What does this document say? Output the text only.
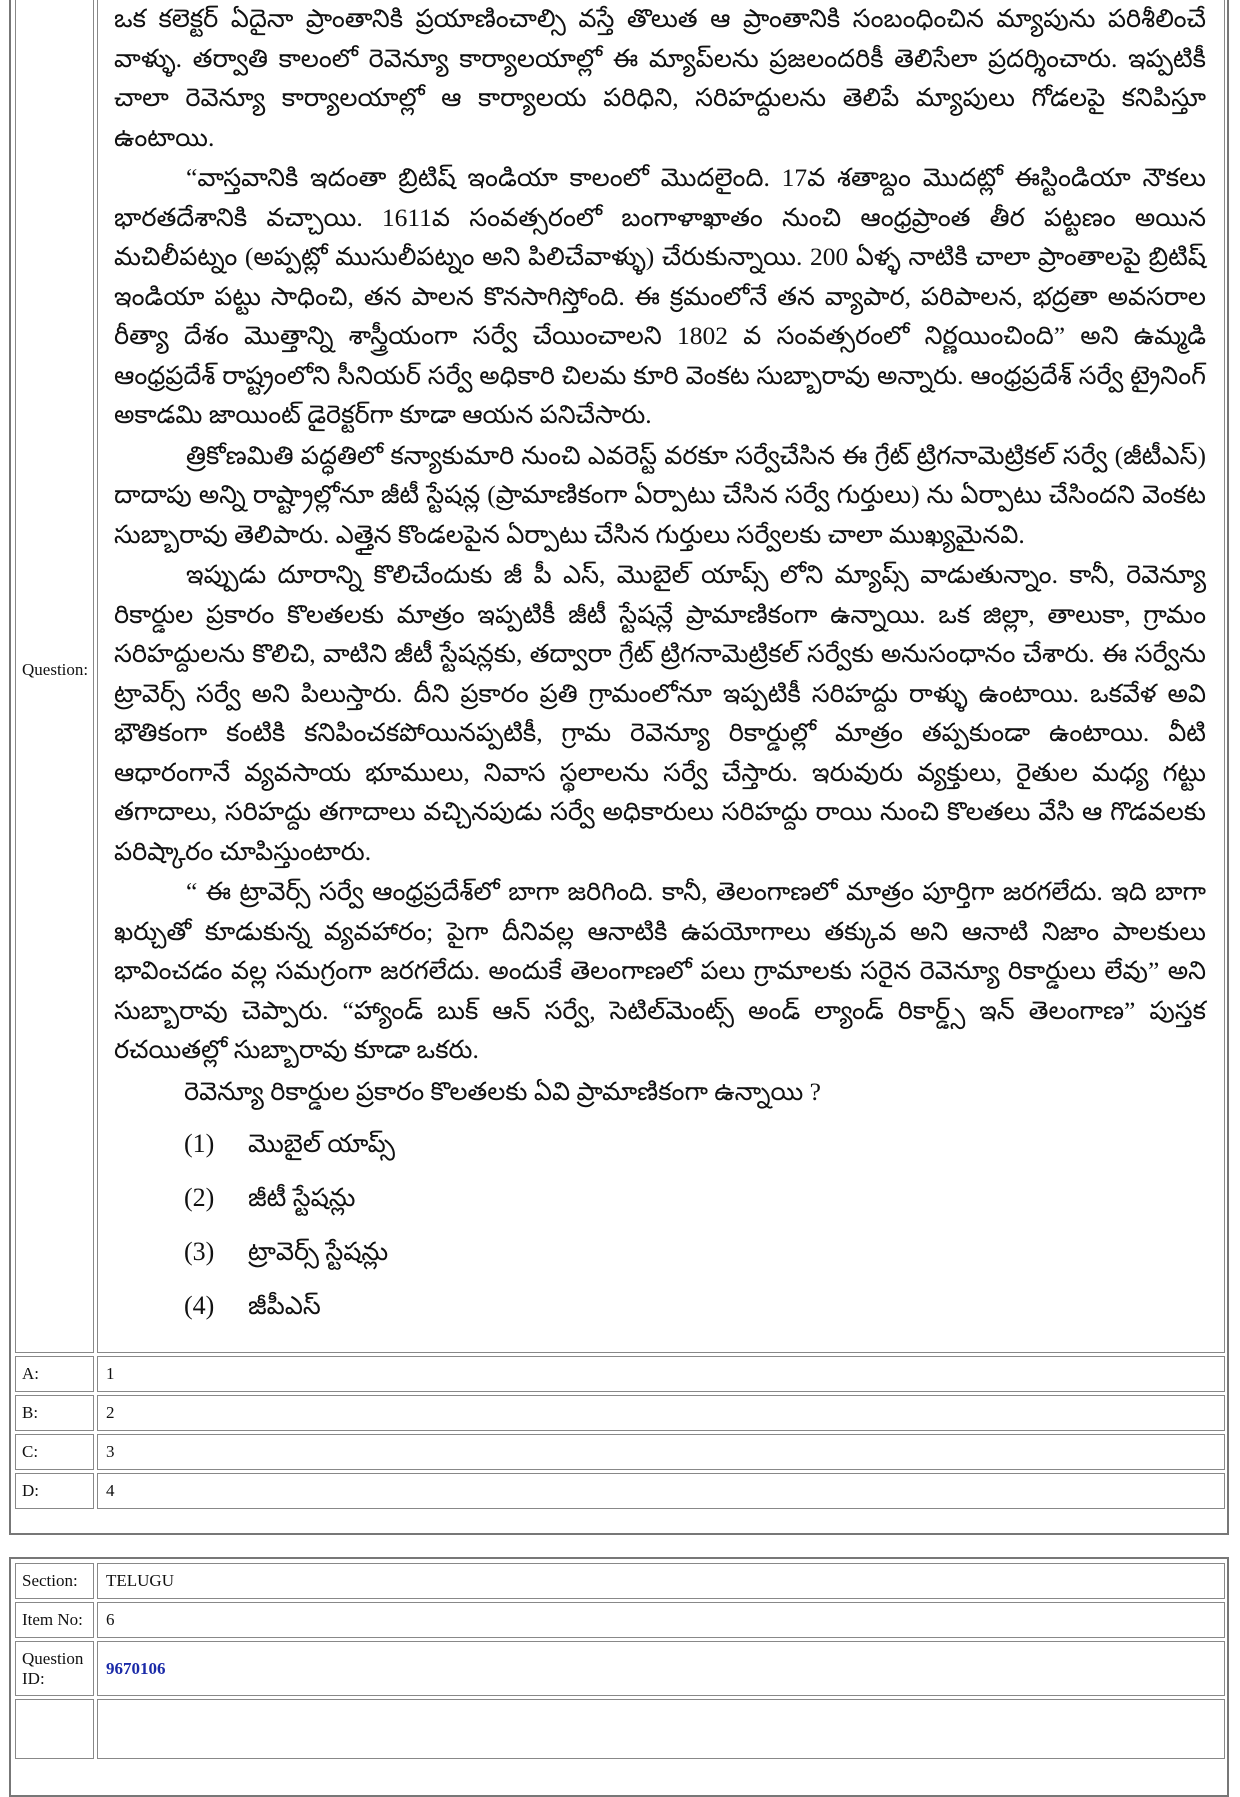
Question:

ఒక కలెక్టర్ ఏదైనా ప్రాంతానికి ప్రయాణించాల్సి వస్తే తొలుత ఆ ప్రాంతానికి సంబంధించిన మ్యాపును పరిశీలించే వాళ్ళు. తర్వాతి కాలంలో రెవెన్యూ కార్యాలయాల్లో ఈ మ్యాప్‌లను ప్రజలందరికీ తెలిసేలా ప్రదర్శించారు. ఇప్పటికీ చాలా రెవెన్యూ కార్యాలయాల్లో ఆ కార్యాలయ పరిధిని, సరిహద్దులను తెలిపే మ్యాపులు గోడలపై కనిపిస్తూ ఉంటాయి.

“వాస్తవానికి ఇదంతా బ్రిటిష్ ఇండియా కాలంలో మొదలైంది. 17వ శతాబ్దం మొదట్లో ఈస్టిండియా నౌకలు భారతదేశానికి వచ్చాయి. 1611వ సంవత్సరంలో బంగాళాఖాతం నుంచి ఆంధ్రప్రాంత తీర పట్టణం అయిన మచిలీపట్నం (అప్పట్లో ముసులీపట్నం అని పిలిచేవాళ్ళు) చేరుకున్నాయి. 200 ఏళ్ళ నాటికి చాలా ప్రాంతాలపై బ్రిటిష్ ఇండియా పట్టు సాధించి, తన పాలన కొనసాగిస్తోంది. ఈ క్రమంలోనే తన వ్యాపార, పరిపాలన, భద్రతా అవసరాల రీత్యా దేశం మొత్తాన్ని శాస్త్రీయంగా సర్వే చేయించాలని 1802 వ సంవత్సరంలో నిర్ణయించింది” అని ఉమ్మడి ఆంధ్రప్రదేశ్ రాష్ట్రంలోని సీనియర్ సర్వే అధికారి చిలమ కూరి వెంకట సుబ్బారావు అన్నారు. ఆంధ్రప్రదేశ్ సర్వే ట్రైనింగ్ అకాడమి జాయింట్ డైరెక్టర్‌గా కూడా ఆయన పనిచేసారు.

త్రికోణమితి పద్ధతిలో కన్యాకుమారి నుంచి ఎవరెస్ట్ వరకూ సర్వేచేసిన ఈ గ్రేట్ ట్రిగనామెట్రికల్ సర్వే (జీటీఎస్) దాదాపు అన్ని రాష్ట్రాల్లోనూ జీటీ స్టేషన్ల (ప్రామాణికంగా ఏర్పాటు చేసిన సర్వే గుర్తులు) ను ఏర్పాటు చేసిందని వెంకట సుబ్బారావు తెలిపారు. ఎత్తైన కొండలపైన ఏర్పాటు చేసిన గుర్తులు సర్వేలకు చాలా ముఖ్యమైనవి.

ఇప్పుడు దూరాన్ని కొలిచేందుకు జీ పీ ఎస్, మొబైల్ యాప్స్ లోని మ్యాప్స్ వాడుతున్నాం. కానీ, రెవెన్యూ రికార్డుల ప్రకారం కొలతలకు మాత్రం ఇప్పటికీ జీటీ స్టేషన్లే ప్రామాణికంగా ఉన్నాయి. ఒక జిల్లా, తాలుకా, గ్రామం సరిహద్దులను కొలిచి, వాటిని జీటీ స్టేషన్లకు, తద్వారా గ్రేట్ ట్రిగనామెట్రికల్ సర్వేకు అనుసంధానం చేశారు. ఈ సర్వేను ట్రావెర్స్ సర్వే అని పిలుస్తారు. దీని ప్రకారం ప్రతి గ్రామంలోనూ ఇప్పటికీ సరిహద్దు రాళ్ళు ఉంటాయి. ఒకవేళ అవి భౌతికంగా కంటికి కనిపించకపోయినప్పటికీ, గ్రామ రెవెన్యూ రికార్డుల్లో మాత్రం తప్పకుండా ఉంటాయి. వీటి ఆధారంగానే వ్యవసాయ భూములు, నివాస స్థలాలను సర్వే చేస్తారు. ఇరువురు వ్యక్తులు, రైతుల మధ్య గట్టు తగాదాలు, సరిహద్దు తగాదాలు వచ్చినపుడు సర్వే అధికారులు సరిహద్దు రాయి నుంచి కొలతలు వేసి ఆ గొడవలకు పరిష్కారం చూపిస్తుంటారు.

“ ఈ ట్రావెర్స్ సర్వే ఆంధ్రప్రదేశ్‌లో బాగా జరిగింది. కానీ, తెలంగాణలో మాత్రం పూర్తిగా జరగలేదు. ఇది బాగా ఖర్చుతో కూడుకున్న వ్యవహారం; పైగా దీనివల్ల ఆనాటికి ఉపయోగాలు తక్కువ అని ఆనాటి నిజాం పాలకులు భావించడం వల్ల సమగ్రంగా జరగలేదు. అందుకే తెలంగాణలో పలు గ్రామాలకు సరైన రెవెన్యూ రికార్డులు లేవు” అని సుబ్బారావు చెప్పారు. “హ్యాండ్ బుక్ ఆన్ సర్వే, సెటిల్‌మెంట్స్ అండ్ ల్యాండ్ రికార్డ్స్ ఇన్ తెలంగాణ” పుస్తక రచయితల్లో సుబ్బారావు కూడా ఒకరు.

రెవెన్యూ రికార్డుల ప్రకారం కొలతలకు ఏవి ప్రామాణికంగా ఉన్నాయి ?
(1) మొబైల్ యాప్స్
(2) జీటీ స్టేషన్లు
(3) ట్రావెర్స్ స్టేషన్లు
(4) జీపీఎస్
A:	1
B:	2
C:	3
D:	4
Section:	TELUGU
Item No:	6
Question ID:
9670106
